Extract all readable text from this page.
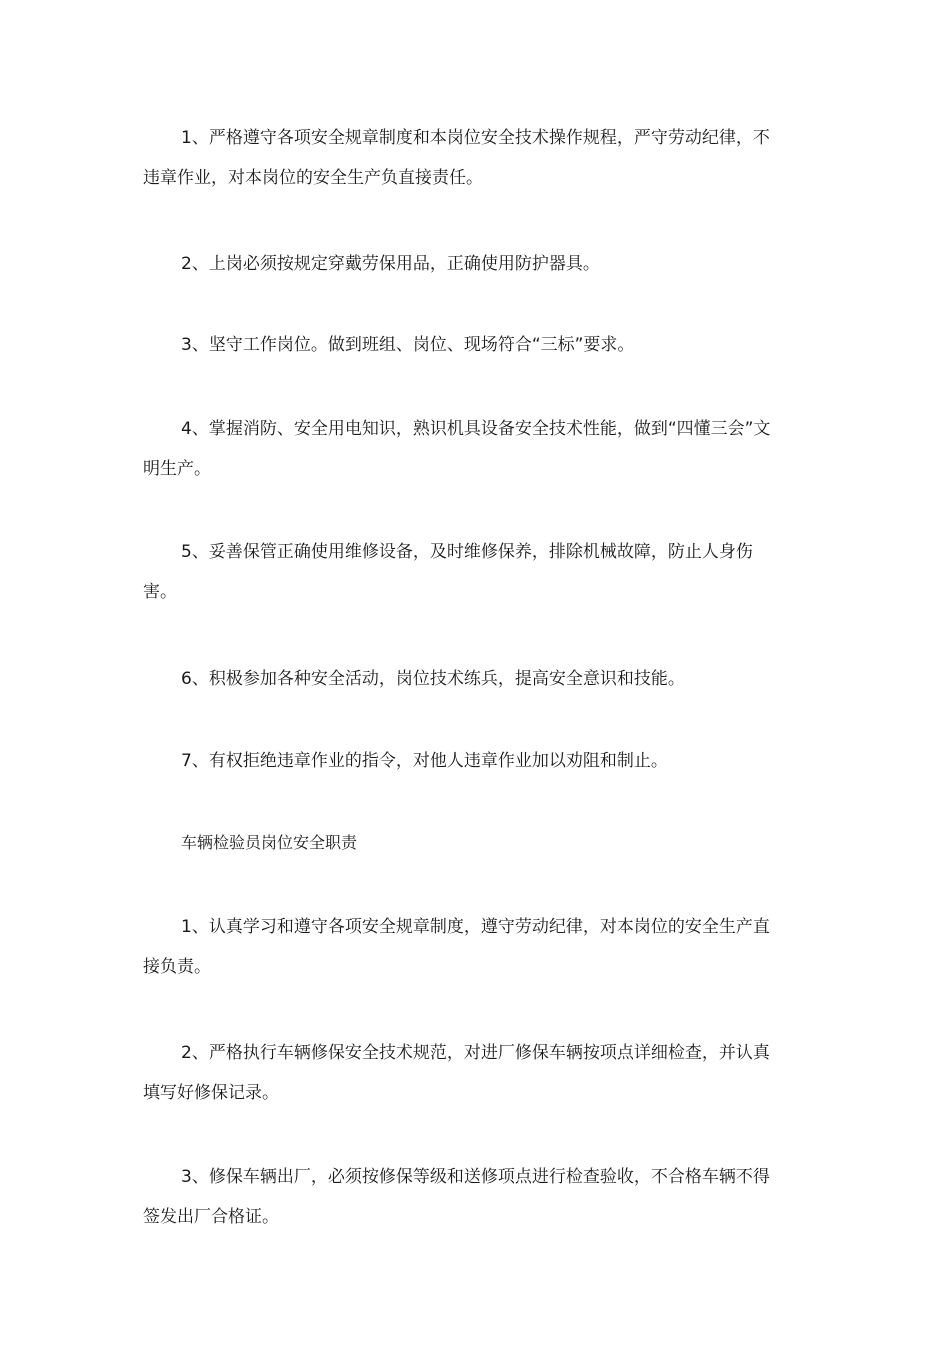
1、严格遵守各项安全规章制度和本岗位安全技术操作规程，严守劳动纪律，不违章作业，对本岗位的安全生产负直接责任。

2、上岗必须按规定穿戴劳保用品，正确使用防护器具。

3、坚守工作岗位。做到班组、岗位、现场符合“三标”要求。

4、掌握消防、安全用电知识，熟识机具设备安全技术性能，做到“四懂三会”文明生产。

5、妥善保管正确使用维修设备，及时维修保养，排除机械故障，防止人身伤害。

6、积极参加各种安全活动，岗位技术练兵，提高安全意识和技能。

7、有权拒绝违章作业的指令，对他人违章作业加以劝阻和制止。

车辆检验员岗位安全职责

1、认真学习和遵守各项安全规章制度，遵守劳动纪律，对本岗位的安全生产直接负责。

2、严格执行车辆修保安全技术规范，对进厂修保车辆按项点详细检查，并认真填写好修保记录。

3、修保车辆出厂，必须按修保等级和送修项点进行检查验收，不合格车辆不得签发出厂合格证。
